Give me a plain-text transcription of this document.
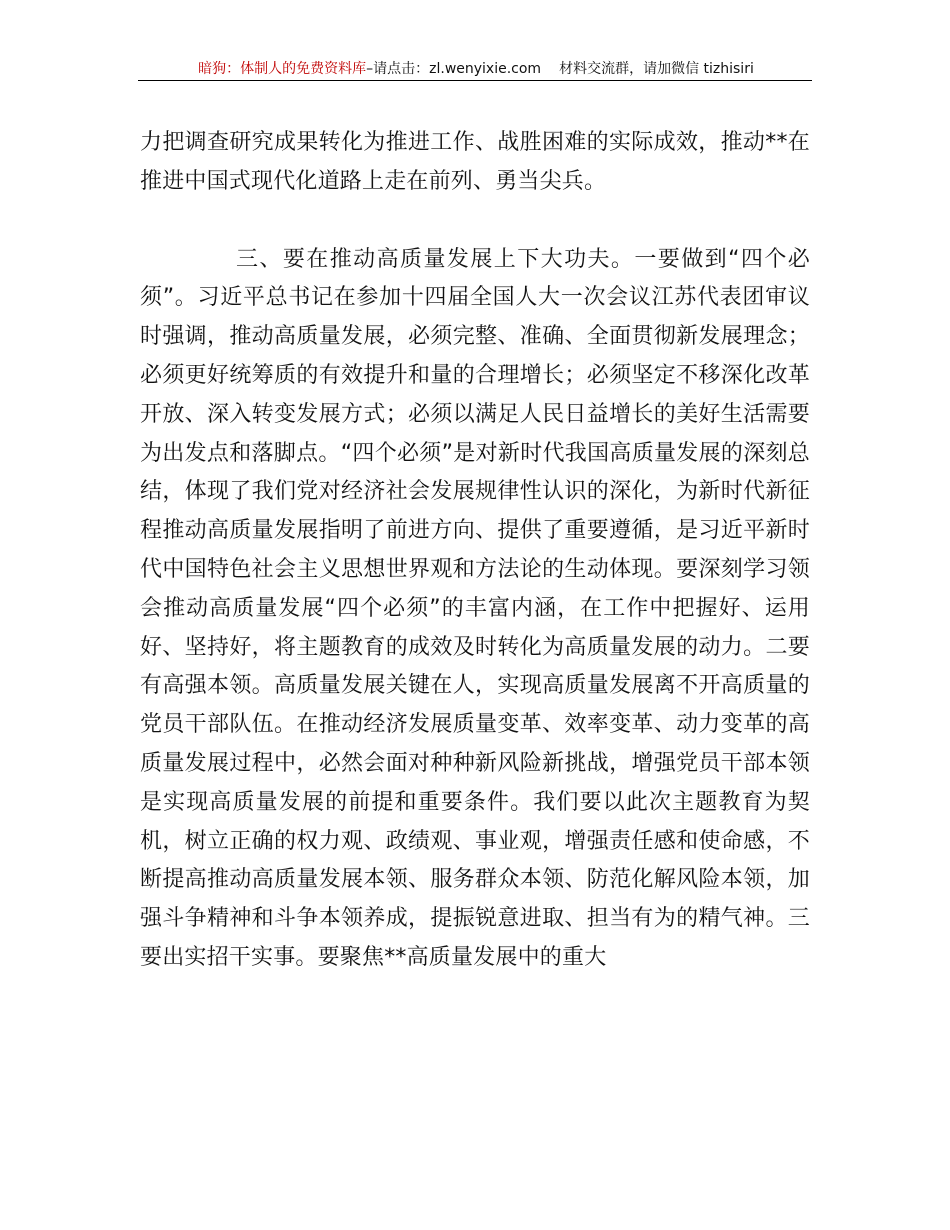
暗狗：体制人的免费资料库–请点击：zl.wenyixie.com 材料交流群，请加微信 tizhisiri

力把调查研究成果转化为推进工作、战胜困难的实际成效，推动**在推进中国式现代化道路上走在前列、勇当尖兵。

三、要在推动高质量发展上下大功夫。一要做到“四个必须”。习近平总书记在参加十四届全国人大一次会议江苏代表团审议时强调，推动高质量发展，必须完整、准确、全面贯彻新发展理念；必须更好统筹质的有效提升和量的合理增长；必须坚定不移深化改革开放、深入转变发展方式；必须以满足人民日益增长的美好生活需要为出发点和落脚点。“四个必须”是对新时代我国高质量发展的深刻总结，体现了我们党对经济社会发展规律性认识的深化，为新时代新征程推动高质量发展指明了前进方向、提供了重要遵循，是习近平新时代中国特色社会主义思想世界观和方法论的生动体现。要深刻学习领会推动高质量发展“四个必须”的丰富内涵，在工作中把握好、运用好、坚持好，将主题教育的成效及时转化为高质量发展的动力。二要有高强本领。高质量发展关键在人，实现高质量发展离不开高质量的党员干部队伍。在推动经济发展质量变革、效率变革、动力变革的高质量发展过程中，必然会面对种种新风险新挑战，增强党员干部本领是实现高质量发展的前提和重要条件。我们要以此次主题教育为契机，树立正确的权力观、政绩观、事业观，增强责任感和使命感，不断提高推动高质量发展本领、服务群众本领、防范化解风险本领，加强斗争精神和斗争本领养成，提振锐意进取、担当有为的精气神。三要出实招干实事。要聚焦**高质量发展中的重大
